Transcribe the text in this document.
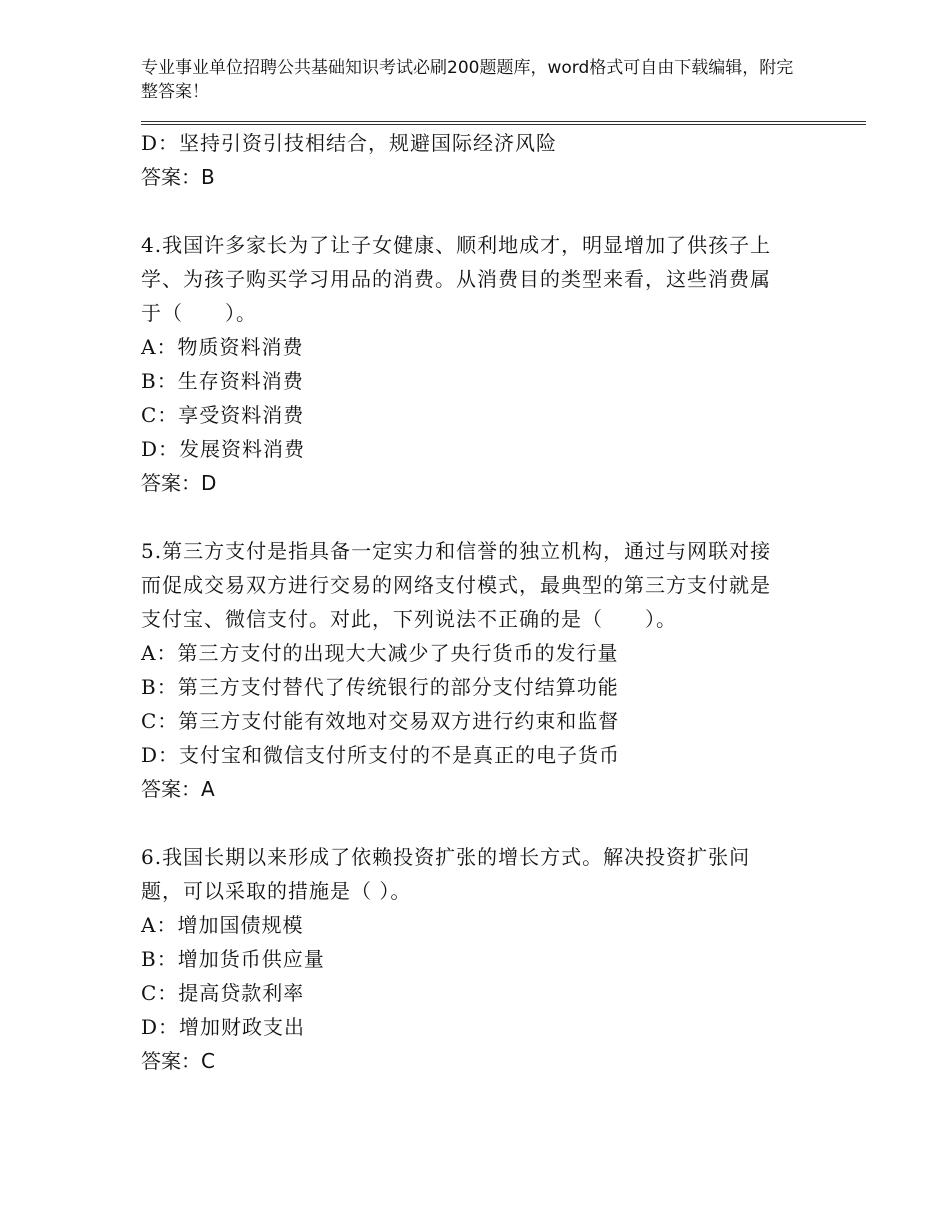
专业事业单位招聘公共基础知识考试必刷200题题库，word格式可自由下载编辑，附完整答案！
D：坚持引资引技相结合，规避国际经济风险
答案：B
4.我国许多家长为了让子女健康、顺利地成才，明显增加了供孩子上
学、为孩子购买学习用品的消费。从消费目的类型来看，这些消费属
于（　　）。
A：物质资料消费
B：生存资料消费
C：享受资料消费
D：发展资料消费
答案：D
5.第三方支付是指具备一定实力和信誉的独立机构，通过与网联对接
而促成交易双方进行交易的网络支付模式，最典型的第三方支付就是
支付宝、微信支付。对此，下列说法不正确的是（　　）。
A：第三方支付的出现大大减少了央行货币的发行量
B：第三方支付替代了传统银行的部分支付结算功能
C：第三方支付能有效地对交易双方进行约束和监督
D：支付宝和微信支付所支付的不是真正的电子货币
答案：A
6.我国长期以来形成了依赖投资扩张的增长方式。解决投资扩张问
题，可以采取的措施是（ ）。
A：增加国债规模
B：增加货币供应量
C：提高贷款利率
D：增加财政支出
答案：C
